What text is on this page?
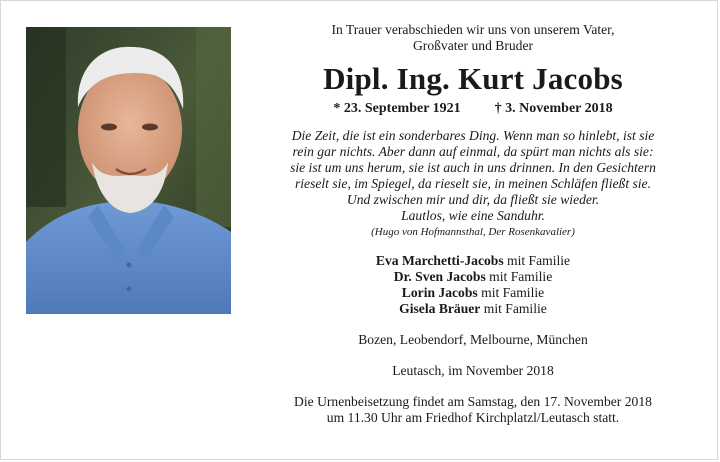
In Trauer verabschieden wir uns von unserem Vater,

Großvater und Bruder

Dipl. Ing. Kurt Jacobs
* 23. September 1921 † 3. November 2018

Die Zeit, die ist ein sonderbares Ding. Wenn man so hinlebt, ist sie

rein gar nichts. Aber dann auf einmal, da spürt man nichts als sie:

sie ist um uns herum, sie ist auch in uns drinnen. In den Gesichtern

rieselt sie, im Spiegel, da rieselt sie, in meinen Schläfen fließt sie.

Und zwischen mir und dir, da fließt sie wieder.

Lautlos, wie eine Sanduhr.

(Hugo von Hofmannsthal, Der Rosenkavalier)

Eva Marchetti-Jacobs mit Familie

Dr. Sven Jacobs mit Familie

Lorin Jacobs mit Familie

Gisela Bräuer mit Familie

Bozen, Leobendorf, Melbourne, München

Leutasch, im November 2018

Die Urnenbeisetzung findet am Samstag, den 17. November 2018

um 11.30 Uhr am Friedhof Kirchplatzl/Leutasch statt.
